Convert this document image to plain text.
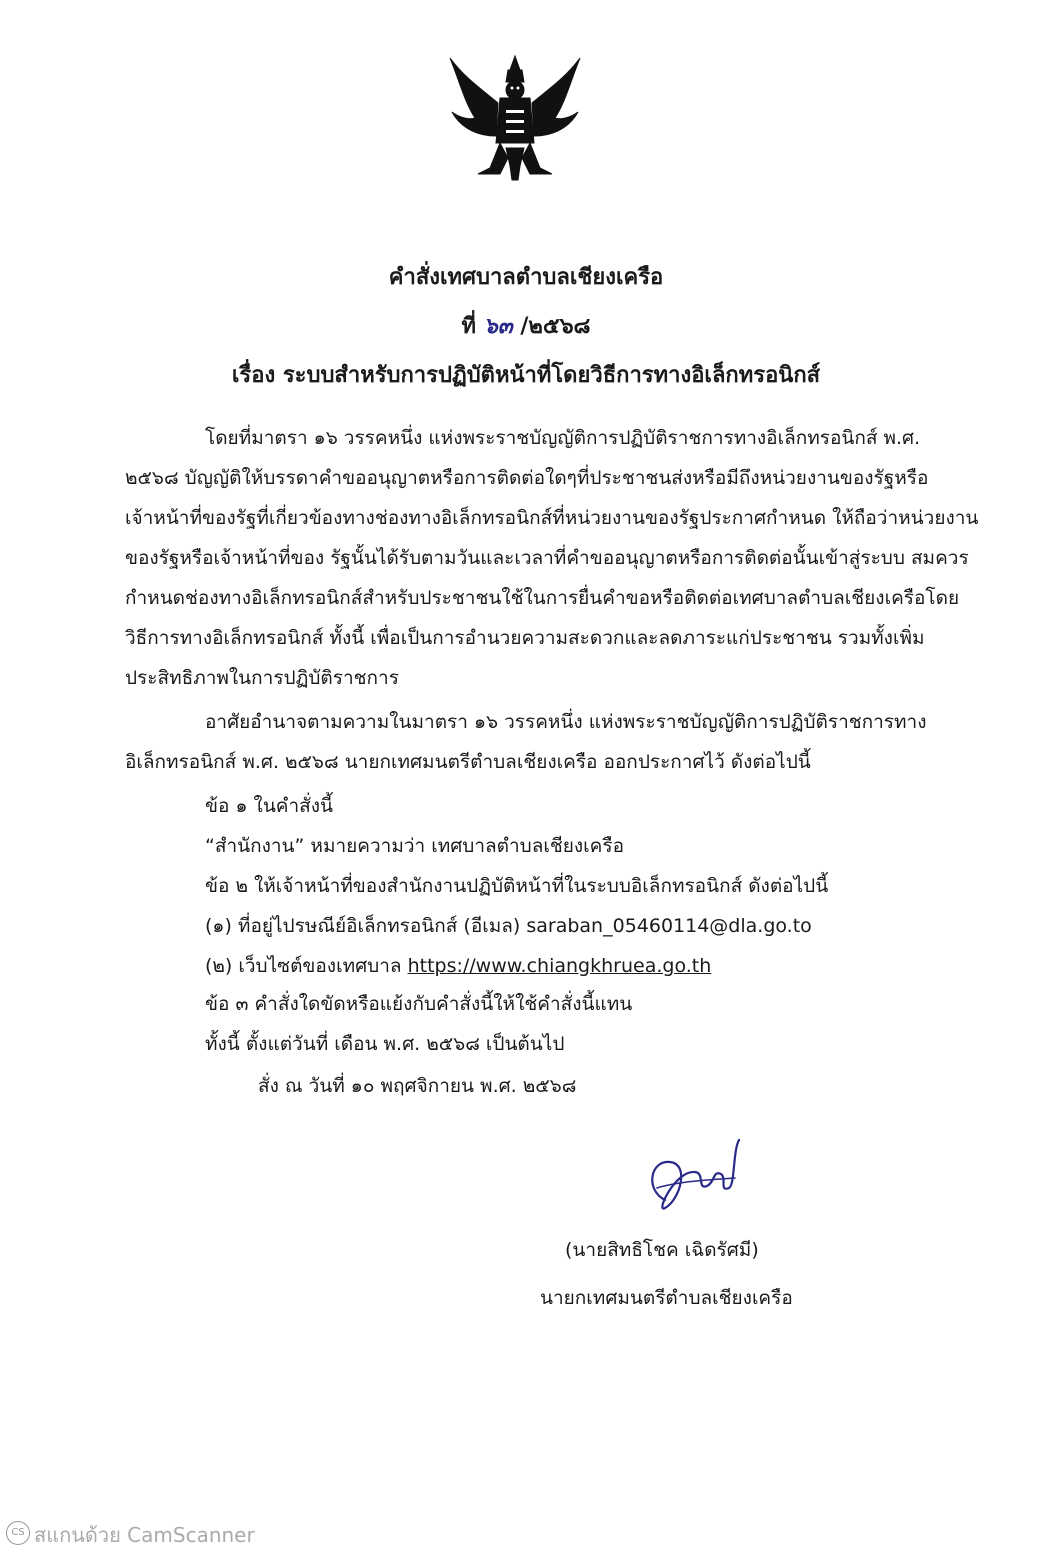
คำสั่งเทศบาลตำบลเชียงเครือ
ที่ ๖๓ /๒๕๖๘
เรื่อง ระบบสำหรับการปฏิบัติหน้าที่โดยวิธีการทางอิเล็กทรอนิกส์
โดยที่มาตรา ๑๖ วรรคหนึ่ง แห่งพระราชบัญญัติการปฏิบัติราชการทางอิเล็กทรอนิกส์ พ.ศ.
๒๕๖๘ บัญญัติให้บรรดาคำขออนุญาตหรือการติดต่อใดๆที่ประชาชนส่งหรือมีถึงหน่วยงานของรัฐหรือ
เจ้าหน้าที่ของรัฐที่เกี่ยวข้องทางช่องทางอิเล็กทรอนิกส์ที่หน่วยงานของรัฐประกาศกำหนด ให้ถือว่าหน่วยงาน
ของรัฐหรือเจ้าหน้าที่ของ รัฐนั้นได้รับตามวันและเวลาที่คำขออนุญาตหรือการติดต่อนั้นเข้าสู่ระบบ สมควร
กำหนดช่องทางอิเล็กทรอนิกส์สำหรับประชาชนใช้ในการยื่นคำขอหรือติดต่อเทศบาลตำบลเชียงเครือโดย
วิธีการทางอิเล็กทรอนิกส์ ทั้งนี้ เพื่อเป็นการอำนวยความสะดวกและลดภาระแก่ประชาชน รวมทั้งเพิ่ม
ประสิทธิภาพในการปฏิบัติราชการ
อาศัยอำนาจตามความในมาตรา ๑๖ วรรคหนึ่ง แห่งพระราชบัญญัติการปฏิบัติราชการทาง
อิเล็กทรอนิกส์ พ.ศ. ๒๕๖๘ นายกเทศมนตรีตำบลเชียงเครือ ออกประกาศไว้ ดังต่อไปนี้
ข้อ ๑ ในคำสั่งนี้
“สำนักงาน” หมายความว่า เทศบาลตำบลเชียงเครือ
ข้อ ๒ ให้เจ้าหน้าที่ของสำนักงานปฏิบัติหน้าที่ในระบบอิเล็กทรอนิกส์ ดังต่อไปนี้
(๑) ที่อยู่ไปรษณีย์อิเล็กทรอนิกส์ (อีเมล) saraban_05460114@dla.go.to
(๒) เว็บไซต์ของเทศบาล https://www.chiangkhruea.go.th
ข้อ ๓ คำสั่งใดขัดหรือแย้งกับคำสั่งนี้ให้ใช้คำสั่งนี้แทน
ทั้งนี้ ตั้งแต่วันที่ เดือน พ.ศ. ๒๕๖๘ เป็นต้นไป
สั่ง ณ วันที่ ๑๐ พฤศจิกายน พ.ศ. ๒๕๖๘
(นายสิทธิโชค เฉิดรัศมี)
นายกเทศมนตรีตำบลเชียงเครือ
CS สแกนด้วย CamScanner
